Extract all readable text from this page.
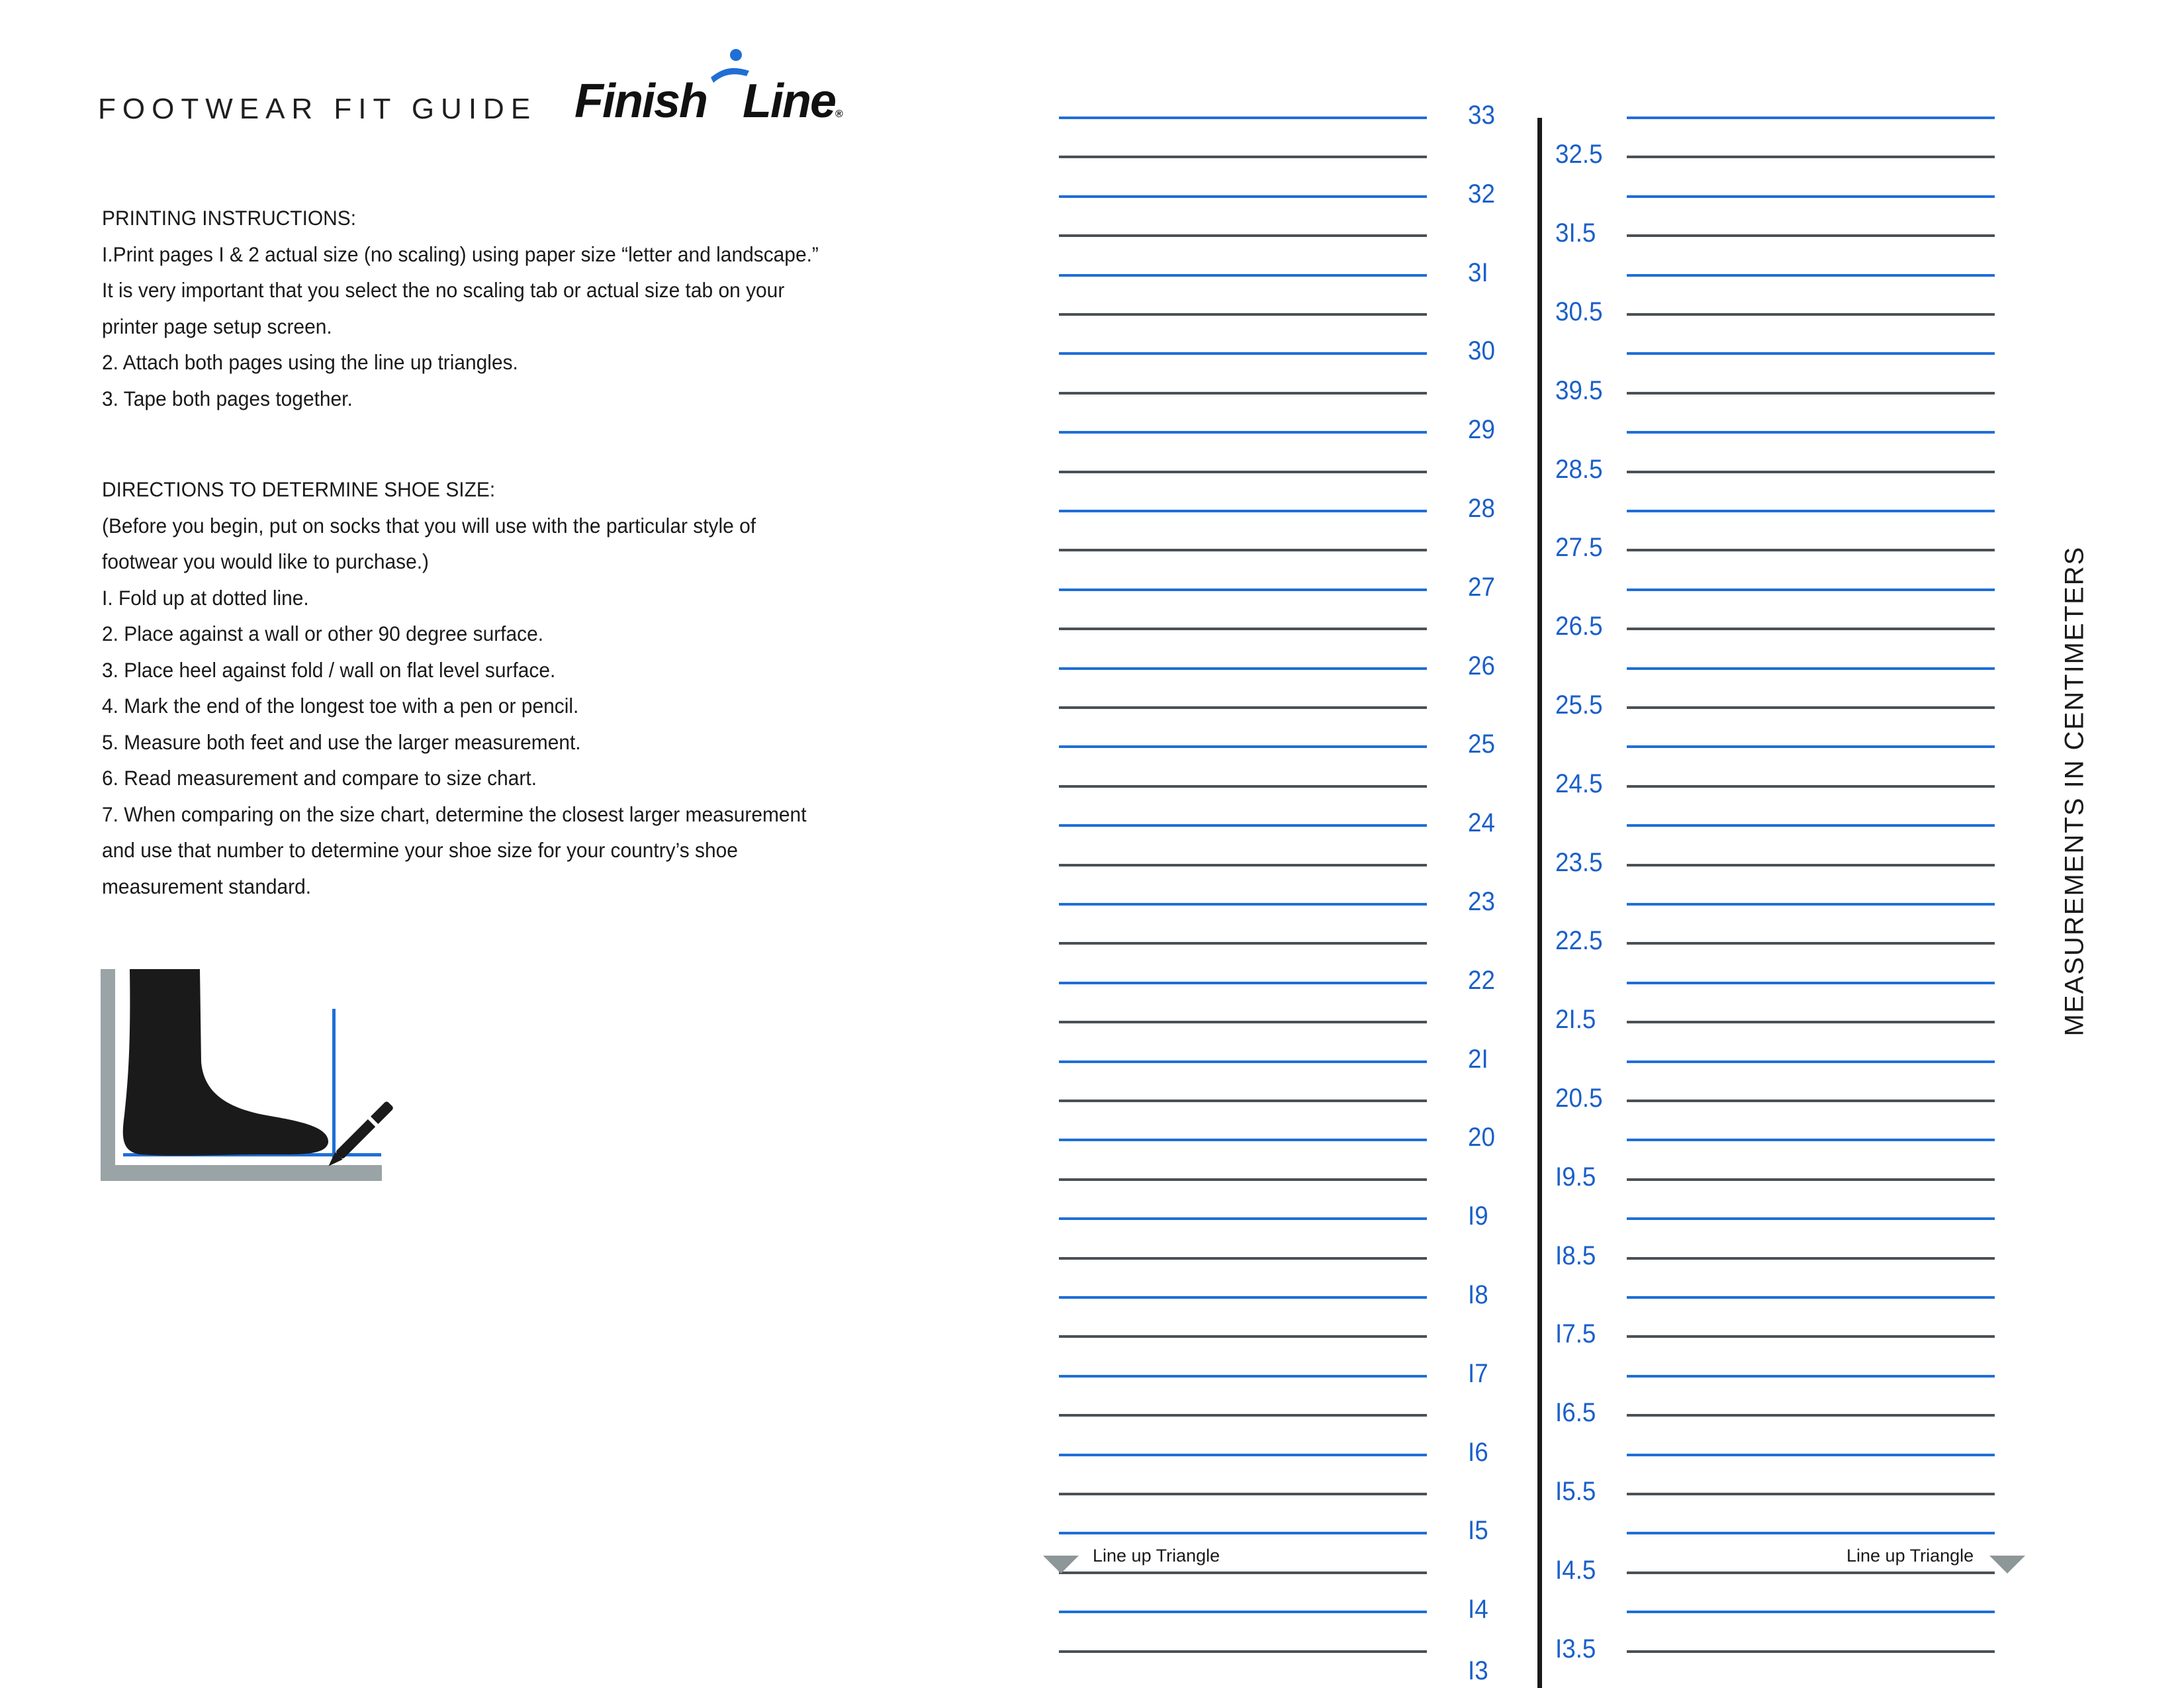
FOOTWEAR FIT GUIDE Finish Line®
PRINTING INSTRUCTIONS:
I.Print pages I & 2 actual size (no scaling) using paper size “letter and landscape.”
It is very important that you select the no scaling tab or actual size tab on your
printer page setup screen.
2. Attach both pages using the line up triangles.
3. Tape both pages together.
DIRECTIONS TO DETERMINE SHOE SIZE:
(Before you begin, put on socks that you will use with the particular style of
footwear you would like to purchase.)
I. Fold up at dotted line.
2. Place against a wall or other 90 degree surface.
3. Place heel against fold / wall on flat level surface.
4. Mark the end of the longest toe with a pen or pencil.
5. Measure both feet and use the larger measurement.
6. Read measurement and compare to size chart.
7. When comparing on the size chart, determine the closest larger measurement
and use that number to determine your shoe size for your country’s shoe
measurement standard.
33
32
3I
30
29
28
27
26
25
24
23
22
2I
20
I9
I8
I7
I6
I5
I4
I3
32.5
3I.5
30.5
39.5
28.5
27.5
26.5
25.5
24.5
23.5
22.5
2I.5
20.5
I9.5
I8.5
I7.5
I6.5
I5.5
I4.5
I3.5
MEASUREMENTS IN CENTIMETERS
Line up Triangle	Line up Triangle
